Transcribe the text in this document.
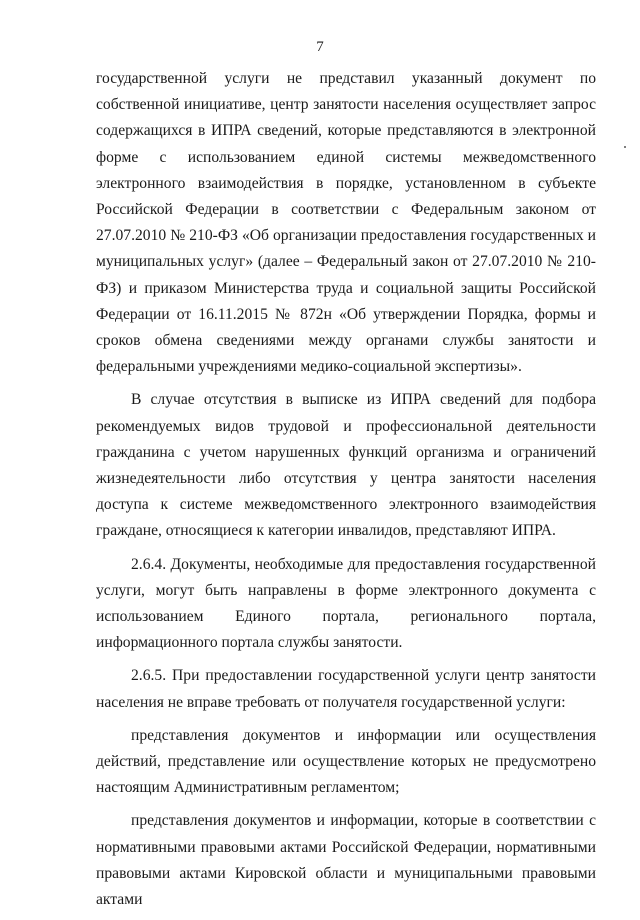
7

государственной услуги не представил указанный документ по собственной инициативе, центр занятости населения осуществляет запрос содержащихся в ИПРА сведений, которые представляются в электронной форме с использованием единой системы межведомственного электронного взаимодействия в порядке, установленном в субъекте Российской Федерации в соответствии с Федеральным законом от 27.07.2010 № 210-ФЗ «Об организации предоставления государственных и муниципальных услуг» (далее – Федеральный закон от 27.07.2010 № 210-ФЗ) и приказом Министерства труда и социальной защиты Российской Федерации от 16.11.2015 № 872н «Об утверждении Порядка, формы и сроков обмена сведениями между органами службы занятости и федеральными учреждениями медико-социальной экспертизы».

В случае отсутствия в выписке из ИПРА сведений для подбора рекомендуемых видов трудовой и профессиональной деятельности гражданина с учетом нарушенных функций организма и ограничений жизнедеятельности либо отсутствия у центра занятости населения доступа к системе межведомственного электронного взаимодействия граждане, относящиеся к категории инвалидов, представляют ИПРА.

2.6.4. Документы, необходимые для предоставления государственной услуги, могут быть направлены в форме электронного документа с использованием Единого портала, регионального портала, информационного портала службы занятости.

2.6.5. При предоставлении государственной услуги центр занятости населения не вправе требовать от получателя государственной услуги:

представления документов и информации или осуществления действий, представление или осуществление которых не предусмотрено настоящим Административным регламентом;

представления документов и информации, которые в соответствии с нормативными правовыми актами Российской Федерации, нормативными правовыми актами Кировской области и муниципальными правовыми актами
